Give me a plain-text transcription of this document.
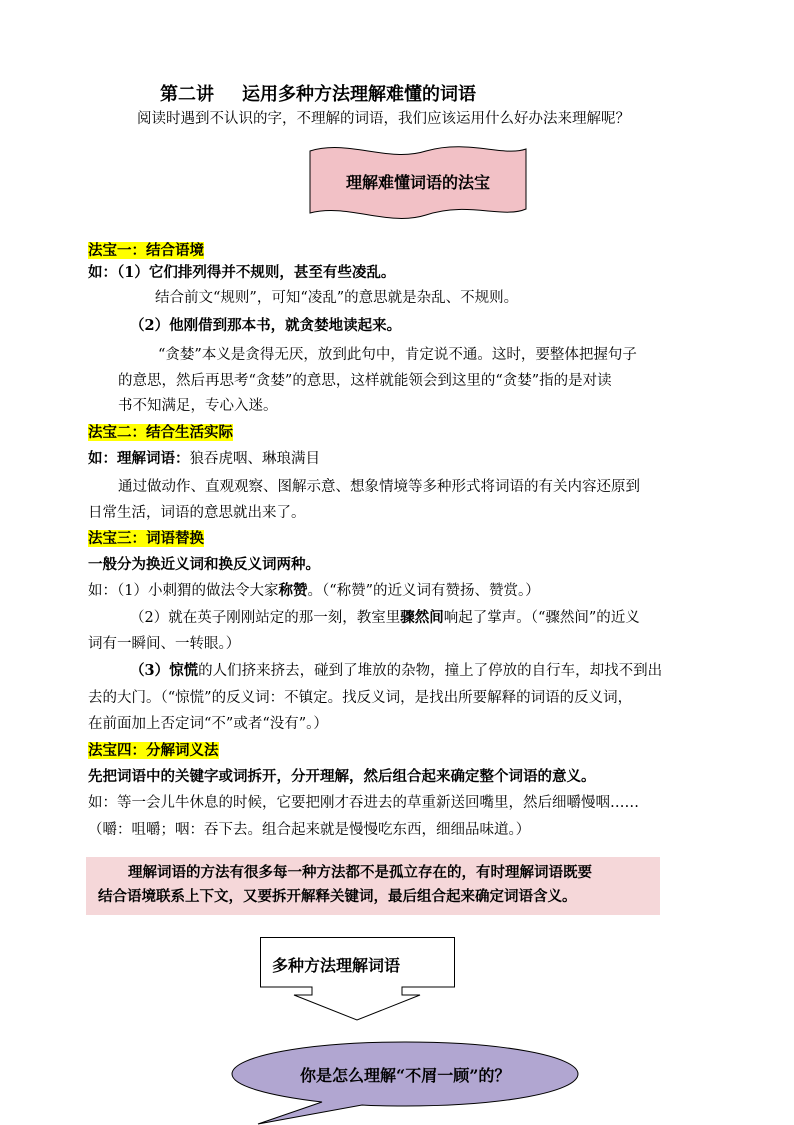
第二讲 运用多种方法理解难懂的词语
阅读时遇到不认识的字，不理解的词语，我们应该运用什么好办法来理解呢？
理解难懂词语的法宝
法宝一：结合语境
如：（1）它们排列得并不规则，甚至有些凌乱。
结合前文“规则”，可知“凌乱”的意思就是杂乱、不规则。
（2）他刚借到那本书，就贪婪地读起来。
“贪婪”本义是贪得无厌，放到此句中，肯定说不通。这时，要整体把握句子
的意思，然后再思考“贪婪”的意思，这样就能领会到这里的“贪婪”指的是对读
书不知满足，专心入迷。
法宝二：结合生活实际
如：理解词语：狼吞虎咽、琳琅满目
通过做动作、直观观察、图解示意、想象情境等多种形式将词语的有关内容还原到
日常生活，词语的意思就出来了。
法宝三：词语替换
一般分为换近义词和换反义词两种。
如：（1）小刺猬的做法令大家称赞。（“称赞”的近义词有赞扬、赞赏。）
（2）就在英子刚刚站定的那一刻，教室里骤然间响起了掌声。（“骤然间”的近义
词有一瞬间、一转眼。）
（3）惊慌的人们挤来挤去，碰到了堆放的杂物，撞上了停放的自行车，却找不到出
去的大门。（“惊慌”的反义词：不镇定。找反义词，是找出所要解释的词语的反义词，
在前面加上否定词“不”或者“没有”。）
法宝四：分解词义法
先把词语中的关键字或词拆开，分开理解，然后组合起来确定整个词语的意义。
如：等一会儿牛休息的时候，它要把刚才吞进去的草重新送回嘴里，然后细嚼慢咽……
（嚼：咀嚼；咽：吞下去。组合起来就是慢慢吃东西，细细品味道。）

理解词语的方法有很多每一种方法都不是孤立存在的，有时理解词语既要

结合语境联系上下文，又要拆开解释关键词，最后组合起来确定词语含义。

多种方法理解词语
你是怎么理解“不屑一顾”的？
